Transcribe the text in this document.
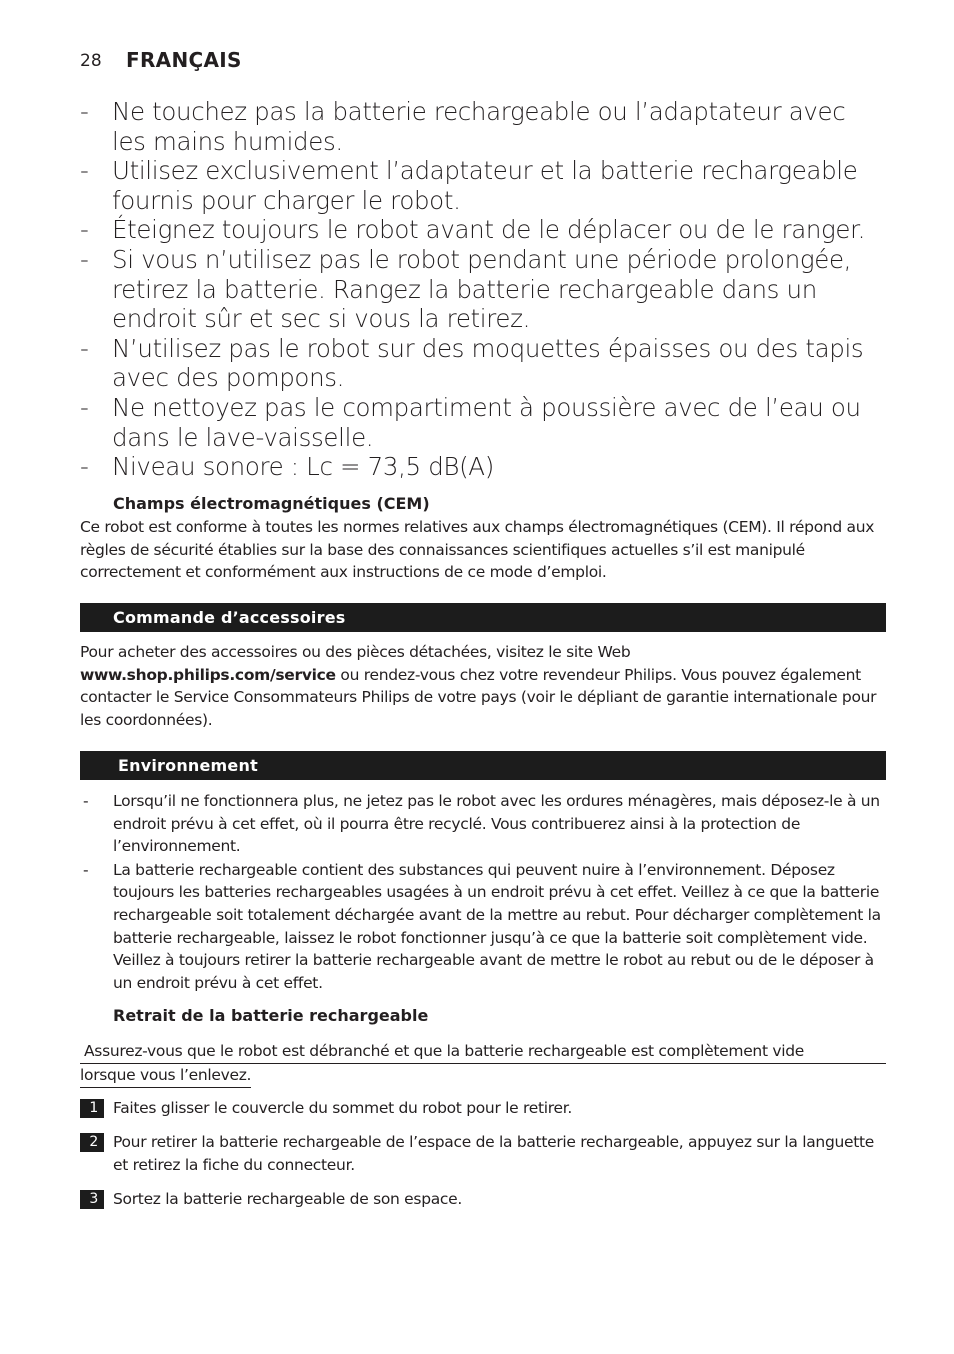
28 FRANÇAIS
- Ne touchez pas la batterie rechargeable ou l’adaptateur avec les mains humides.
- Utilisez exclusivement l’adaptateur et la batterie rechargeable fournis pour charger le robot.
- Éteignez toujours le robot avant de le déplacer ou de le ranger.
- Si vous n’utilisez pas le robot pendant une période prolongée, retirez la batterie. Rangez la batterie rechargeable dans un endroit sûr et sec si vous la retirez.
- N’utilisez pas le robot sur des moquettes épaisses ou des tapis avec des pompons.
- Ne nettoyez pas le compartiment à poussière avec de l’eau ou dans le lave-vaisselle.
- Niveau sonore : Lc = 73,5 dB(A)
Champs électromagnétiques (CEM)
Ce robot est conforme à toutes les normes relatives aux champs électromagnétiques (CEM). Il répond aux règles de sécurité établies sur la base des connaissances scientifiques actuelles s’il est manipulé correctement et conformément aux instructions de ce mode d’emploi.
Commande d’accessoires
Pour acheter des accessoires ou des pièces détachées, visitez le site Web www.shop.philips.com/service ou rendez-vous chez votre revendeur Philips. Vous pouvez également contacter le Service Consommateurs Philips de votre pays (voir le dépliant de garantie internationale pour les coordonnées).
Environnement
- Lorsqu’il ne fonctionnera plus, ne jetez pas le robot avec les ordures ménagères, mais déposez-le à un endroit prévu à cet effet, où il pourra être recyclé. Vous contribuerez ainsi à la protection de l’environnement.
- La batterie rechargeable contient des substances qui peuvent nuire à l’environnement. Déposez toujours les batteries rechargeables usagées à un endroit prévu à cet effet. Veillez à ce que la batterie rechargeable soit totalement déchargée avant de la mettre au rebut. Pour décharger complètement la batterie rechargeable, laissez le robot fonctionner jusqu’à ce que la batterie soit complètement vide. Veillez à toujours retirer la batterie rechargeable avant de mettre le robot au rebut ou de le déposer à un endroit prévu à cet effet.
Retrait de la batterie rechargeable
Assurez-vous que le robot est débranché et que la batterie rechargeable est complètement vide
lorsque vous l’enlevez.
1 Faites glisser le couvercle du sommet du robot pour le retirer.
2 Pour retirer la batterie rechargeable de l’espace de la batterie rechargeable, appuyez sur la languette et retirez la fiche du connecteur.
3 Sortez la batterie rechargeable de son espace.
